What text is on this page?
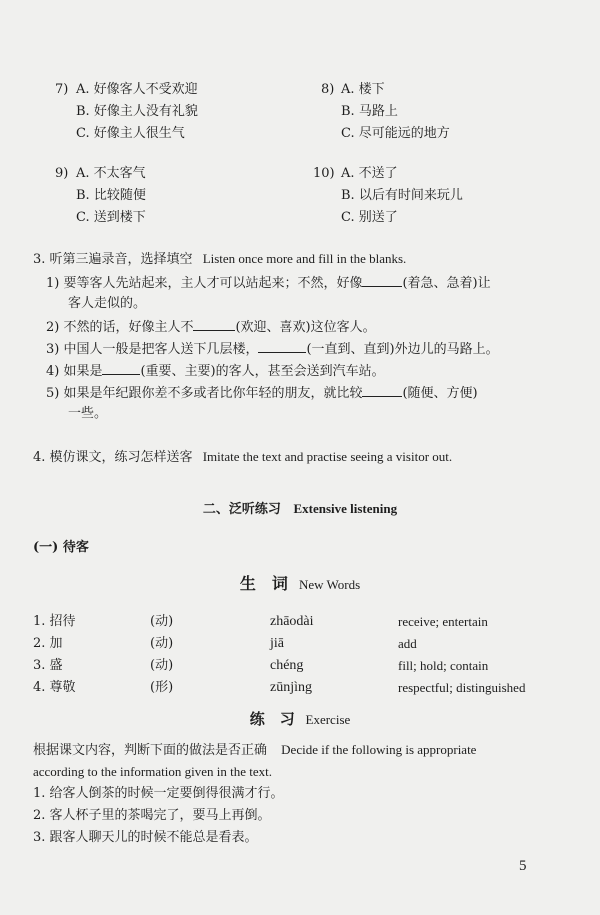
7) A. 好像客人不受欢迎
B. 好像主人没有礼貌
C. 好像主人很生气
8) A. 楼下
B. 马路上
C. 尽可能远的地方
9) A. 不太客气
B. 比较随便
C. 送到楼下
10) A. 不送了
B. 以后有时间来玩儿
C. 别送了
3. 听第三遍录音，选择填空 Listen once more and fill in the blanks.
1) 要等客人先站起来，主人才可以站起来；不然，好像	(着急、急着)让
客人走似的。
2) 不然的话，好像主人不	(欢迎、喜欢)这位客人。
3) 中国人一般是把客人送下几层楼，	(一直到、直到)外边儿的马路上。
4) 如果是	(重要、主要)的客人，甚至会送到汽车站。
5) 如果是年纪跟你差不多或者比你年轻的朋友，就比较	(随便、方便)
一些。
4. 模仿课文，练习怎样送客 Imitate the text and practise seeing a visitor out.
二、泛听练习 Extensive listening
(一) 待客
生　词 New Words
1. 招待	(动)	zhāodài	receive; entertain
2. 加	(动)	jiā	add
3. 盛	(动)	chéng	fill; hold; contain
4. 尊敬	(形)	zūnjìng	respectful; distinguished
练　习 Exercise
根据课文内容，判断下面的做法是否正确 Decide if the following is appropriate
according to the information given in the text.
1. 给客人倒茶的时候一定要倒得很满才行。
2. 客人杯子里的茶喝完了，要马上再倒。
3. 跟客人聊天儿的时候不能总是看表。
5
